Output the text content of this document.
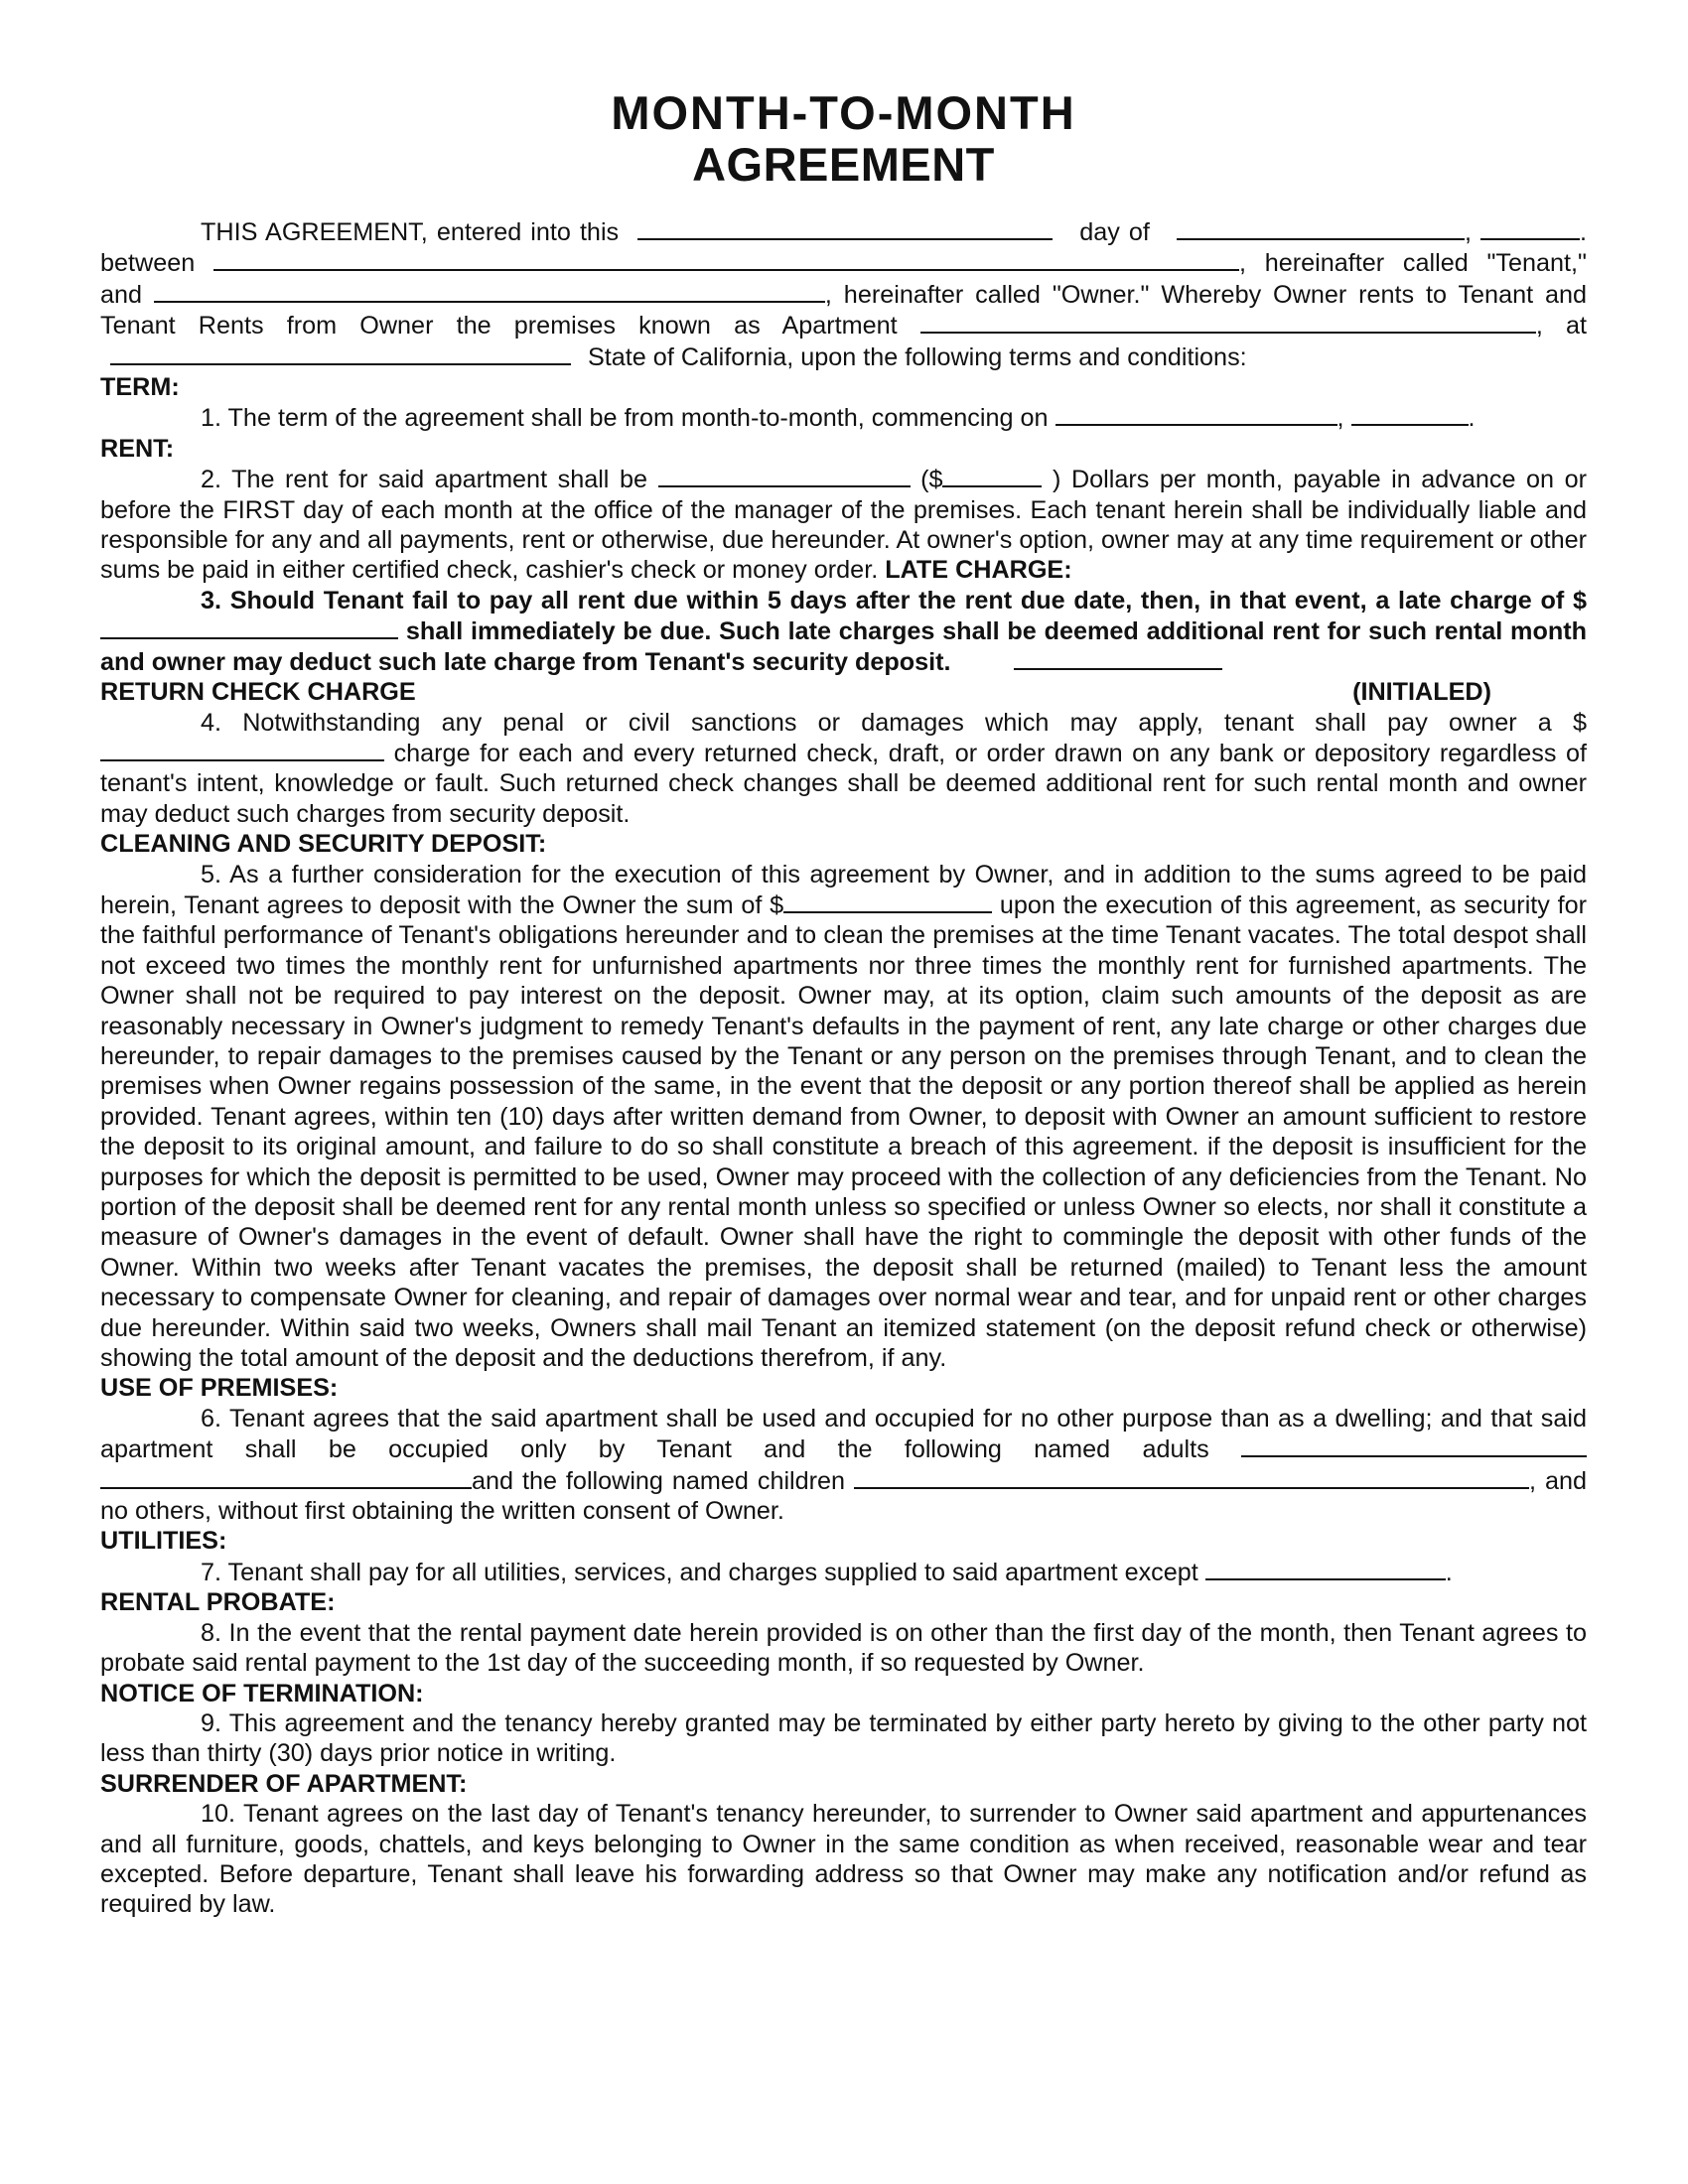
MONTH-TO-MONTH
AGREEMENT

THIS AGREEMENT, entered into this	day of	,	. between	, hereinafter called "Tenant," and	, hereinafter called "Owner." Whereby Owner rents to Tenant and Tenant Rents from Owner the premises known as Apartment	, at  State of California, upon the following terms and conditions:

TERM:

1. The term of the agreement shall be from month-to-month, commencing on	,	.

RENT:

2. The rent for said apartment shall be	($	) Dollars per month, payable in advance on or before the FIRST day of each month at the office of the manager of the premises. Each tenant herein shall be individually liable and responsible for any and all payments, rent or otherwise, due hereunder. At owner's option, owner may at any time requirement or other sums be paid in either certified check, cashier's check or money order. LATE CHARGE:

3. Should Tenant fail to pay all rent due within 5 days after the rent due date, then, in that event, a late charge of $ shall immediately be due. Such late charges shall be deemed additional rent for such rental month and owner may deduct such late charge from Tenant's security deposit.

RETURN CHECK CHARGE	(INITIALED)

4. Notwithstanding any penal or civil sanctions or damages which may apply, tenant shall pay owner a $ charge for each and every returned check, draft, or order drawn on any bank or depository regardless of tenant's intent, knowledge or fault. Such returned check changes shall be deemed additional rent for such rental month and owner may deduct such charges from security deposit.

CLEANING AND SECURITY DEPOSIT:

5. As a further consideration for the execution of this agreement by Owner, and in addition to the sums agreed to be paid herein, Tenant agrees to deposit with the Owner the sum of $	upon the execution of this agreement, as security for the faithful performance of Tenant's obligations hereunder and to clean the premises at the time Tenant vacates. The total despot shall not exceed two times the monthly rent for unfurnished apartments nor three times the monthly rent for furnished apartments. The Owner shall not be required to pay interest on the deposit. Owner may, at its option, claim such amounts of the deposit as are reasonably necessary in Owner's judgment to remedy Tenant's defaults in the payment of rent, any late charge or other charges due hereunder, to repair damages to the premises caused by the Tenant or any person on the premises through Tenant, and to clean the premises when Owner regains possession of the same, in the event that the deposit or any portion thereof shall be applied as herein provided. Tenant agrees, within ten (10) days after written demand from Owner, to deposit with Owner an amount sufficient to restore the deposit to its original amount, and failure to do so shall constitute a breach of this agreement. if the deposit is insufficient for the purposes for which the deposit is permitted to be used, Owner may proceed with the collection of any deficiencies from the Tenant. No portion of the deposit shall be deemed rent for any rental month unless so specified or unless Owner so elects, nor shall it constitute a measure of Owner's damages in the event of default. Owner shall have the right to commingle the deposit with other funds of the Owner. Within two weeks after Tenant vacates the premises, the deposit shall be returned (mailed) to Tenant less the amount necessary to compensate Owner for cleaning, and repair of damages over normal wear and tear, and for unpaid rent or other charges due hereunder. Within said two weeks, Owners shall mail Tenant an itemized statement (on the deposit refund check or otherwise) showing the total amount of the deposit and the deductions therefrom, if any.

USE OF PREMISES:

6. Tenant agrees that the said apartment shall be used and occupied for no other purpose than as a dwelling; and that said apartment shall be occupied only by Tenant and the following named adults  and the following named children	, and no others, without first obtaining the written consent of Owner.

UTILITIES:

7. Tenant shall pay for all utilities, services, and charges supplied to said apartment except	.

RENTAL PROBATE:

8. In the event that the rental payment date herein provided is on other than the first day of the month, then Tenant agrees to probate said rental payment to the 1st day of the succeeding month, if so requested by Owner.

NOTICE OF TERMINATION:

9. This agreement and the tenancy hereby granted may be terminated by either party hereto by giving to the other party not less than thirty (30) days prior notice in writing.

SURRENDER OF APARTMENT:

10. Tenant agrees on the last day of Tenant's tenancy hereunder, to surrender to Owner said apartment and appurtenances and all furniture, goods, chattels, and keys belonging to Owner in the same condition as when received, reasonable wear and tear excepted. Before departure, Tenant shall leave his forwarding address so that Owner may make any notification and/or refund as required by law.
